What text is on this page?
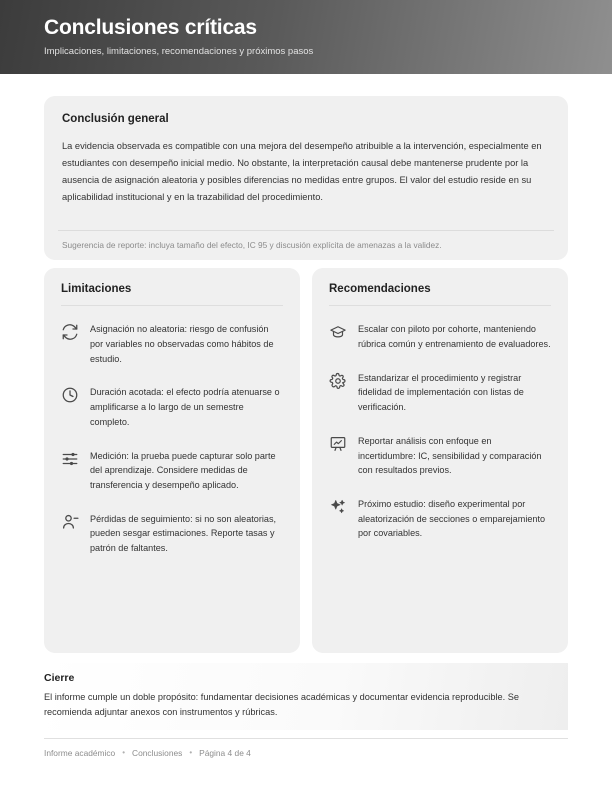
Conclusiones críticas

Implicaciones, limitaciones, recomendaciones y próximos pasos

Conclusión general

La evidencia observada es compatible con una mejora del desempeño atribuible a la intervención, especialmente en estudiantes con desempeño inicial medio. No obstante, la interpretación causal debe mantenerse prudente por la ausencia de asignación aleatoria y posibles diferencias no medidas entre grupos. El valor del estudio reside en su aplicabilidad institucional y en la trazabilidad del procedimiento.

Sugerencia de reporte: incluya tamaño del efecto, IC 95 y discusión explícita de amenazas a la validez.

Limitaciones

Asignación no aleatoria: riesgo de confusión por variables no observadas como hábitos de estudio.

Duración acotada: el efecto podría atenuarse o amplificarse a lo largo de un semestre completo.

Medición: la prueba puede capturar solo parte del aprendizaje. Considere medidas de transferencia y desempeño aplicado.

Pérdidas de seguimiento: si no son aleatorias, pueden sesgar estimaciones. Reporte tasas y patrón de faltantes.

Recomendaciones

Escalar con piloto por cohorte, manteniendo rúbrica común y entrenamiento de evaluadores.

Estandarizar el procedimiento y registrar fidelidad de implementación con listas de verificación.

Reportar análisis con enfoque en incertidumbre: IC, sensibilidad y comparación con resultados previos.

Próximo estudio: diseño experimental por aleatorización de secciones o emparejamiento por covariables.

Cierre

El informe cumple un doble propósito: fundamentar decisiones académicas y documentar evidencia reproducible. Se recomienda adjuntar anexos con instrumentos y rúbricas.

Informe académico • Conclusiones • Página 4 de 4
